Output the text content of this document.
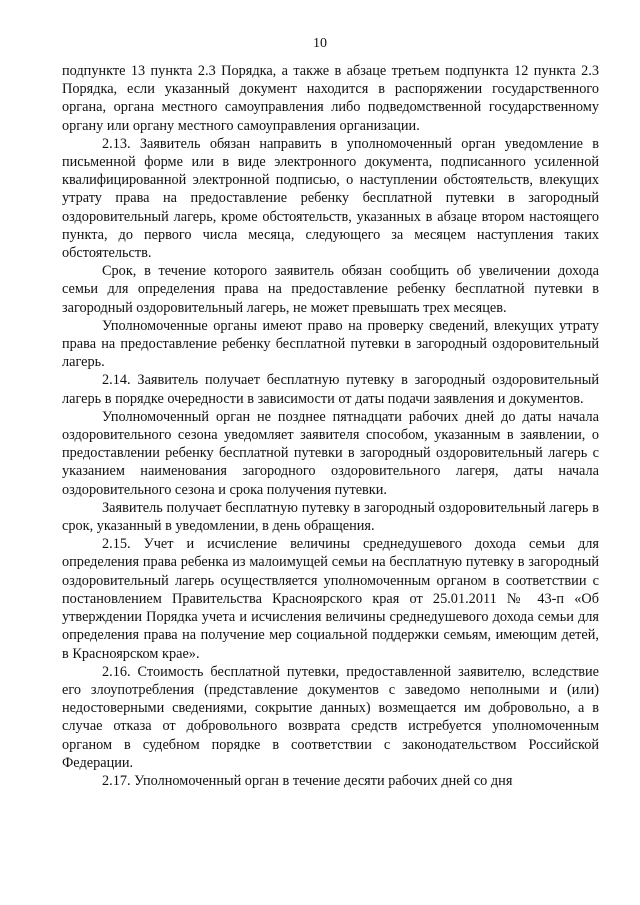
10

подпункте 13 пункта 2.3 Порядка, а также в абзаце третьем подпункта 12 пункта 2.3 Порядка, если указанный документ находится в распоряжении государственного органа, органа местного самоуправления либо подведомственной государственному органу или органу местного самоуправления организации.

2.13. Заявитель обязан направить в уполномоченный орган уведомление в письменной форме или в виде электронного документа, подписанного усиленной квалифицированной электронной подписью, о наступлении обстоятельств, влекущих утрату права на предоставление ребенку бесплатной путевки в загородный оздоровительный лагерь, кроме обстоятельств, указанных в абзаце втором настоящего пункта, до первого числа месяца, следующего за месяцем наступления таких обстоятельств.

Срок, в течение которого заявитель обязан сообщить об увеличении дохода семьи для определения права на предоставление ребенку бесплатной путевки в загородный оздоровительный лагерь, не может превышать трех месяцев.

Уполномоченные органы имеют право на проверку сведений, влекущих утрату права на предоставление ребенку бесплатной путевки в загородный оздоровительный лагерь.

2.14. Заявитель получает бесплатную путевку в загородный оздоровительный лагерь в порядке очередности в зависимости от даты подачи заявления и документов.

Уполномоченный орган не позднее пятнадцати рабочих дней до даты начала оздоровительного сезона уведомляет заявителя способом, указанным в заявлении, о предоставлении ребенку бесплатной путевки в загородный оздоровительный лагерь с указанием наименования загородного оздоровительного лагеря, даты начала оздоровительного сезона и срока получения путевки.

Заявитель получает бесплатную путевку в загородный оздоровительный лагерь в срок, указанный в уведомлении, в день обращения.

2.15. Учет и исчисление величины среднедушевого дохода семьи для определения права ребенка из малоимущей семьи на бесплатную путевку в загородный оздоровительный лагерь осуществляется уполномоченным органом в соответствии с постановлением Правительства Красноярского края от 25.01.2011 № 43-п «Об утверждении Порядка учета и исчисления величины среднедушевого дохода семьи для определения права на получение мер социальной поддержки семьям, имеющим детей, в Красноярском крае».

2.16. Стоимость бесплатной путевки, предоставленной заявителю, вследствие его злоупотребления (представление документов с заведомо неполными и (или) недостоверными сведениями, сокрытие данных) возмещается им добровольно, а в случае отказа от добровольного возврата средств истребуется уполномоченным органом в судебном порядке в соответствии с законодательством Российской Федерации.

2.17. Уполномоченный орган в течение десяти рабочих дней со дня
